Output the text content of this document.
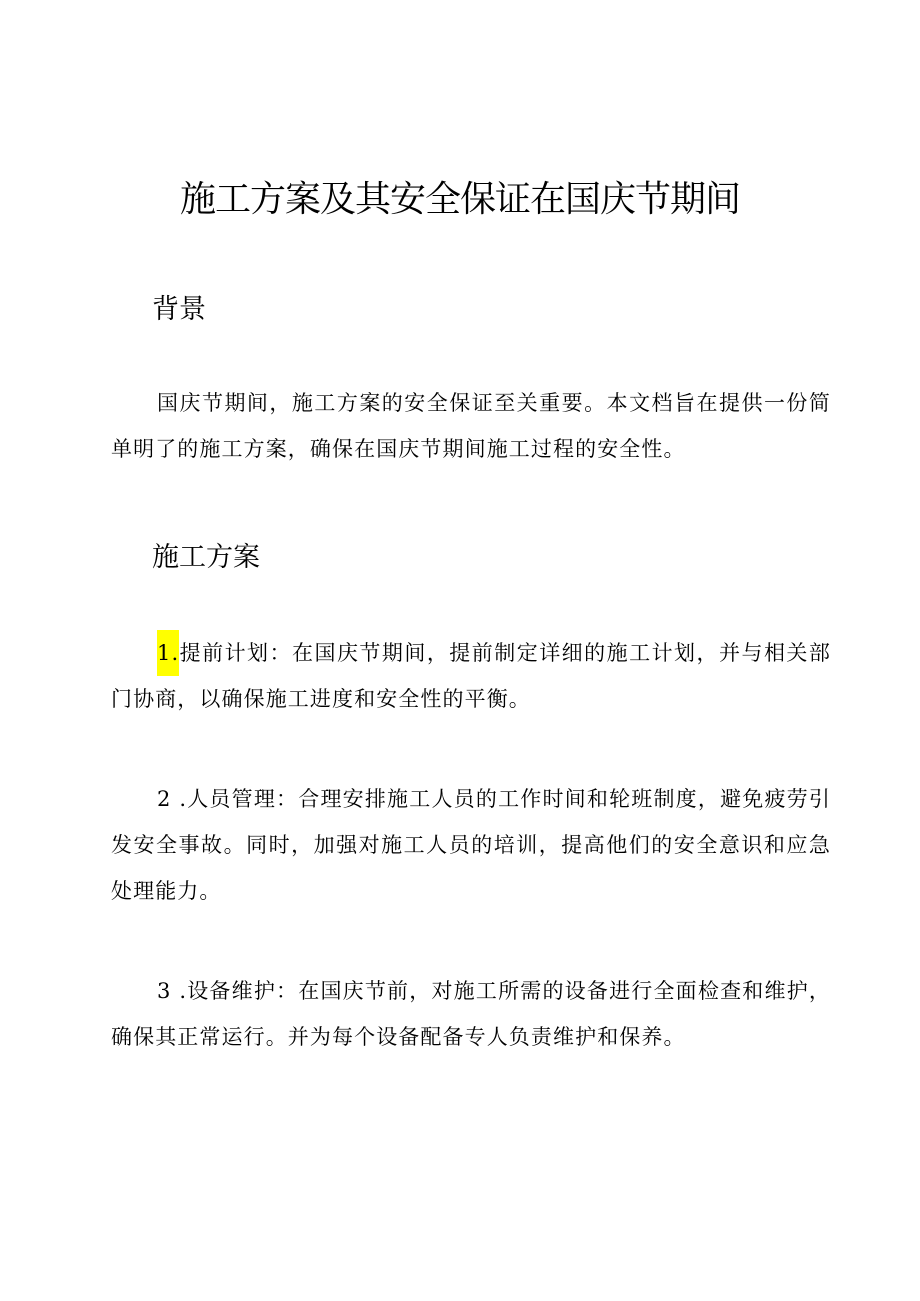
施工方案及其安全保证在国庆节期间
背景

国庆节期间，施工方案的安全保证至关重要。本文档旨在提供一份简单明了的施工方案，确保在国庆节期间施工过程的安全性。

施工方案

1.提前计划：在国庆节期间，提前制定详细的施工计划，并与相关部门协商，以确保施工进度和安全性的平衡。

2 .人员管理：合理安排施工人员的工作时间和轮班制度，避免疲劳引发安全事故。同时，加强对施工人员的培训，提高他们的安全意识和应急处理能力。

3 .设备维护：在国庆节前，对施工所需的设备进行全面检查和维护，确保其正常运行。并为每个设备配备专人负责维护和保养。
